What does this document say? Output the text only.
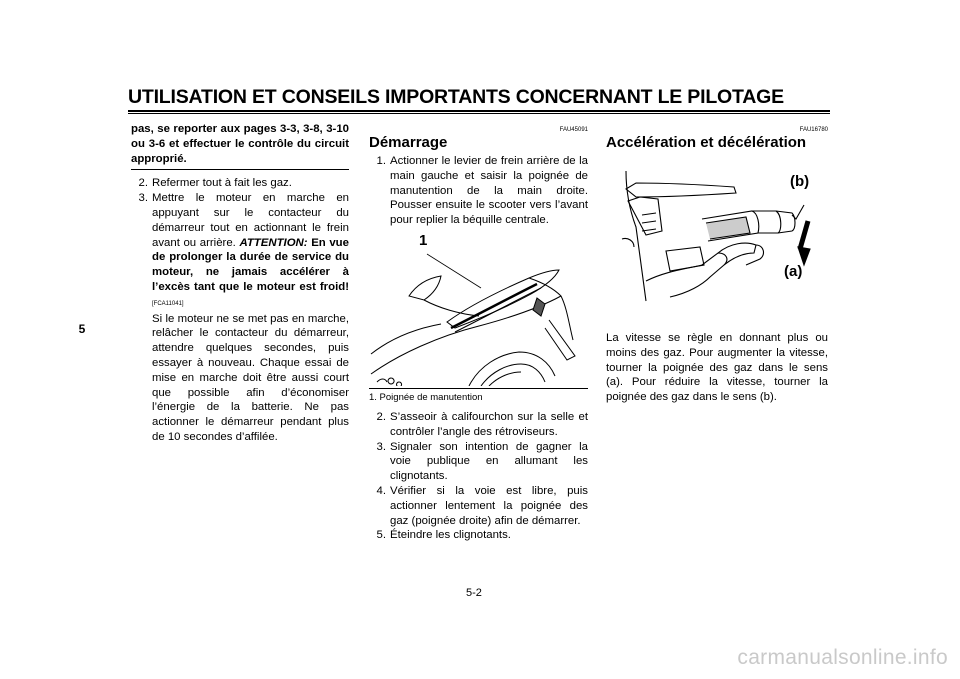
UTILISATION ET CONSEILS IMPORTANTS CONCERNANT LE PILOTAGE
5
pas, se reporter aux pages 3-3, 3-8, 3-10 ou 3-6 et effectuer le contrôle du circuit approprié.
2. Refermer tout à fait les gaz.
3. Mettre le moteur en marche en appuyant sur le contacteur du démarreur tout en actionnant le frein avant ou arrière. ATTENTION: En vue de prolonger la durée de service du moteur, ne jamais accélérer à l’excès tant que le moteur est froid![FCA11041]
Si le moteur ne se met pas en marche, relâcher le contacteur du démarreur, attendre quelques secondes, puis essayer à nouveau. Chaque essai de mise en marche doit être aussi court que possible afin d’économiser l’énergie de la batterie. Ne pas actionner le démarreur pendant plus de 10 secondes d’affilée.
FAU45091
Démarrage
1. Actionner le levier de frein arrière de la main gauche et saisir la poignée de manutention de la main droite. Pousser ensuite le scooter vers l’avant pour replier la béquille centrale.
1
1. Poignée de manutention
2. S’asseoir à califourchon sur la selle et contrôler l’angle des rétroviseurs.
3. Signaler son intention de gagner la voie publique en allumant les clignotants.
4. Vérifier si la voie est libre, puis actionner lentement la poignée des gaz (poignée droite) afin de démarrer.
5. Éteindre les clignotants.
FAU16780
Accélération et décélération
(b)
(a)
La vitesse se règle en donnant plus ou moins des gaz. Pour augmenter la vitesse, tourner la poignée des gaz dans le sens (a). Pour réduire la vitesse, tourner la poignée des gaz dans le sens (b).
5-2
carmanualsonline.info
